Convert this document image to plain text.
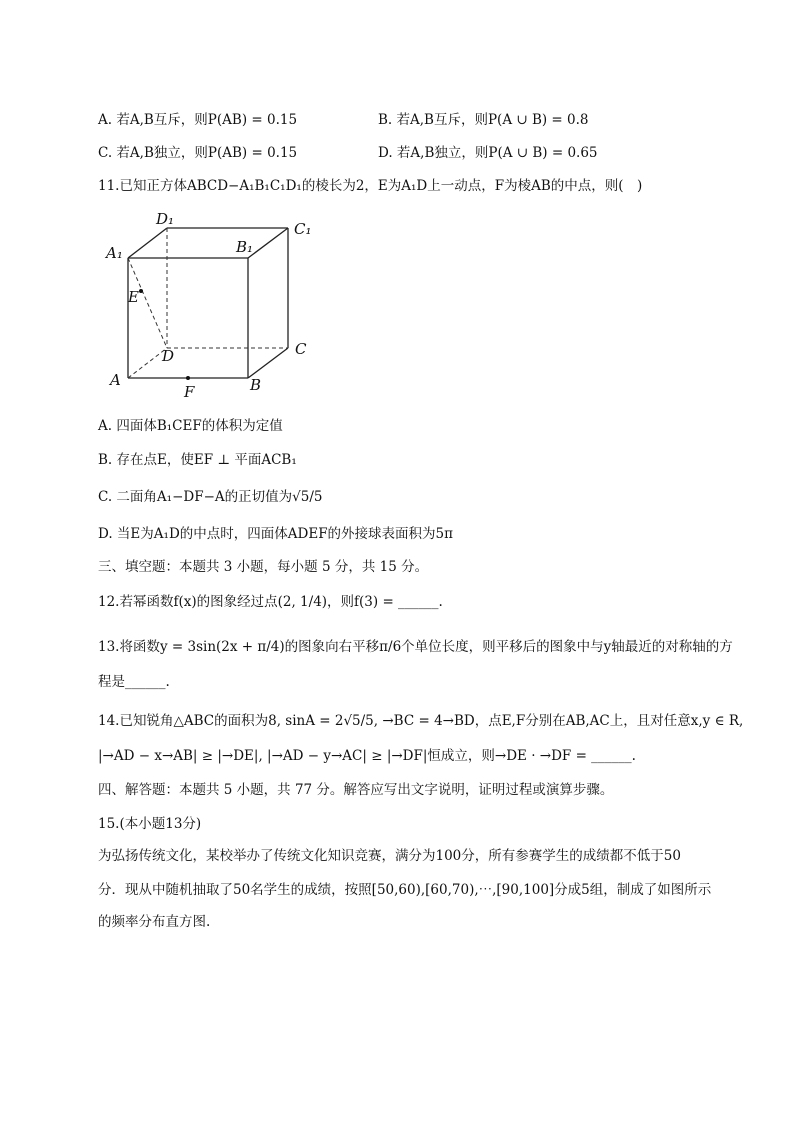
A. 若A,B互斥，则P(AB) = 0.15	B. 若A,B互斥，则P(A ∪ B) = 0.8
C. 若A,B独立，则P(AB) = 0.15	D. 若A,B独立，则P(A ∪ B) = 0.65
11.已知正方体ABCD−A₁B₁C₁D₁的棱长为2，E为A₁D上一动点，F为棱AB的中点，则(　)
A₁
D₁
B₁
C₁
E
D	C
A	B
F
A. 四面体B₁CEF的体积为定值
B. 存在点E，使EF ⊥ 平面ACB₁
C. 二面角A₁−DF−A的正切值为√5/5
D. 当E为A₁D的中点时，四面体ADEF的外接球表面积为5π
三、填空题：本题共 3 小题，每小题 5 分，共 15 分。
12.若幂函数f(x)的图象经过点(2, 1/4)，则f(3) = ______.
13.将函数y = 3sin(2x + π/4)的图象向右平移π/6个单位长度，则平移后的图象中与y轴最近的对称轴的方
程是______.
14.已知锐角△ABC的面积为8, sinA = 2√5/5, →BC = 4→BD，点E,F分别在AB,AC上，且对任意x,y ∈ R,
|→AD − x→AB| ≥ |→DE|, |→AD − y→AC| ≥ |→DF|恒成立，则→DE · →DF = ______.
四、解答题：本题共 5 小题，共 77 分。解答应写出文字说明，证明过程或演算步骤。
15.(本小题13分)
为弘扬传统文化，某校举办了传统文化知识竞赛，满分为100分，所有参赛学生的成绩都不低于50
分．现从中随机抽取了50名学生的成绩，按照[50,60),[60,70),⋯,[90,100]分成5组，制成了如图所示
的频率分布直方图.
